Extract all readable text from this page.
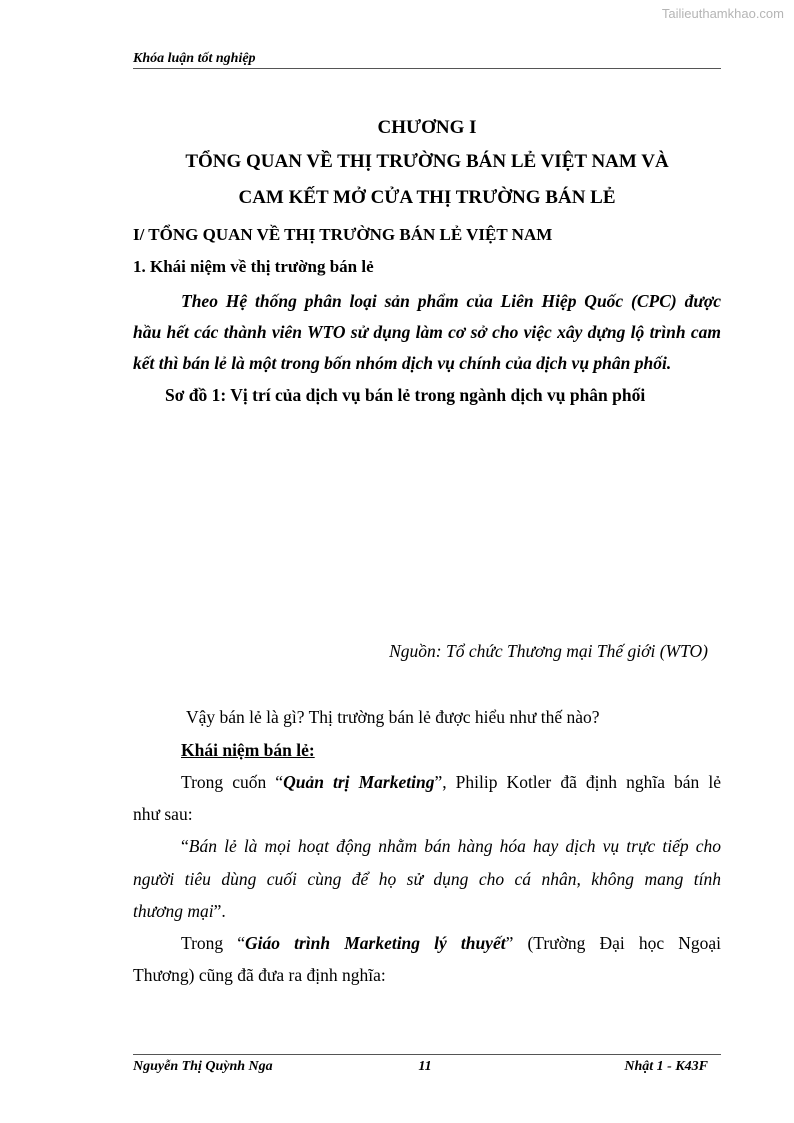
Tailieuthamkhao.com
Khóa luận tốt nghiệp
CHƯƠNG I
TỔNG QUAN VỀ THỊ TRƯỜNG BÁN LẺ VIỆT NAM VÀ
CAM KẾT MỞ CỬA THỊ TRƯỜNG BÁN LẺ
I/ TỔNG QUAN VỀ THỊ TRƯỜNG BÁN LẺ VIỆT NAM
1. Khái niệm về thị trường bán lẻ
Theo Hệ thống phân loại sản phẩm của Liên Hiệp Quốc (CPC) được
hầu hết các thành viên WTO sử dụng làm cơ sở cho việc xây dựng lộ trình cam
kết thì bán lẻ là một trong bốn nhóm dịch vụ chính của dịch vụ phân phối.
Sơ đồ 1: Vị trí của dịch vụ bán lẻ trong ngành dịch vụ phân phối
Nguồn: Tổ chức Thương mại Thế giới (WTO)
Vậy bán lẻ là gì? Thị trường bán lẻ được hiểu như thế nào?
Khái niệm bán lẻ:
Trong cuốn “Quản trị Marketing”, Philip Kotler đã định nghĩa bán lẻ
như sau:
“Bán lẻ là mọi hoạt động nhằm bán hàng hóa hay dịch vụ trực tiếp cho
người tiêu dùng cuối cùng để họ sử dụng cho cá nhân, không mang tính
thương mại”.
Trong “Giáo trình Marketing lý thuyết” (Trường Đại học Ngoại
Thương) cũng đã đưa ra định nghĩa:
Nguyễn Thị Quỳnh Nga	11	Nhật 1 - K43F
